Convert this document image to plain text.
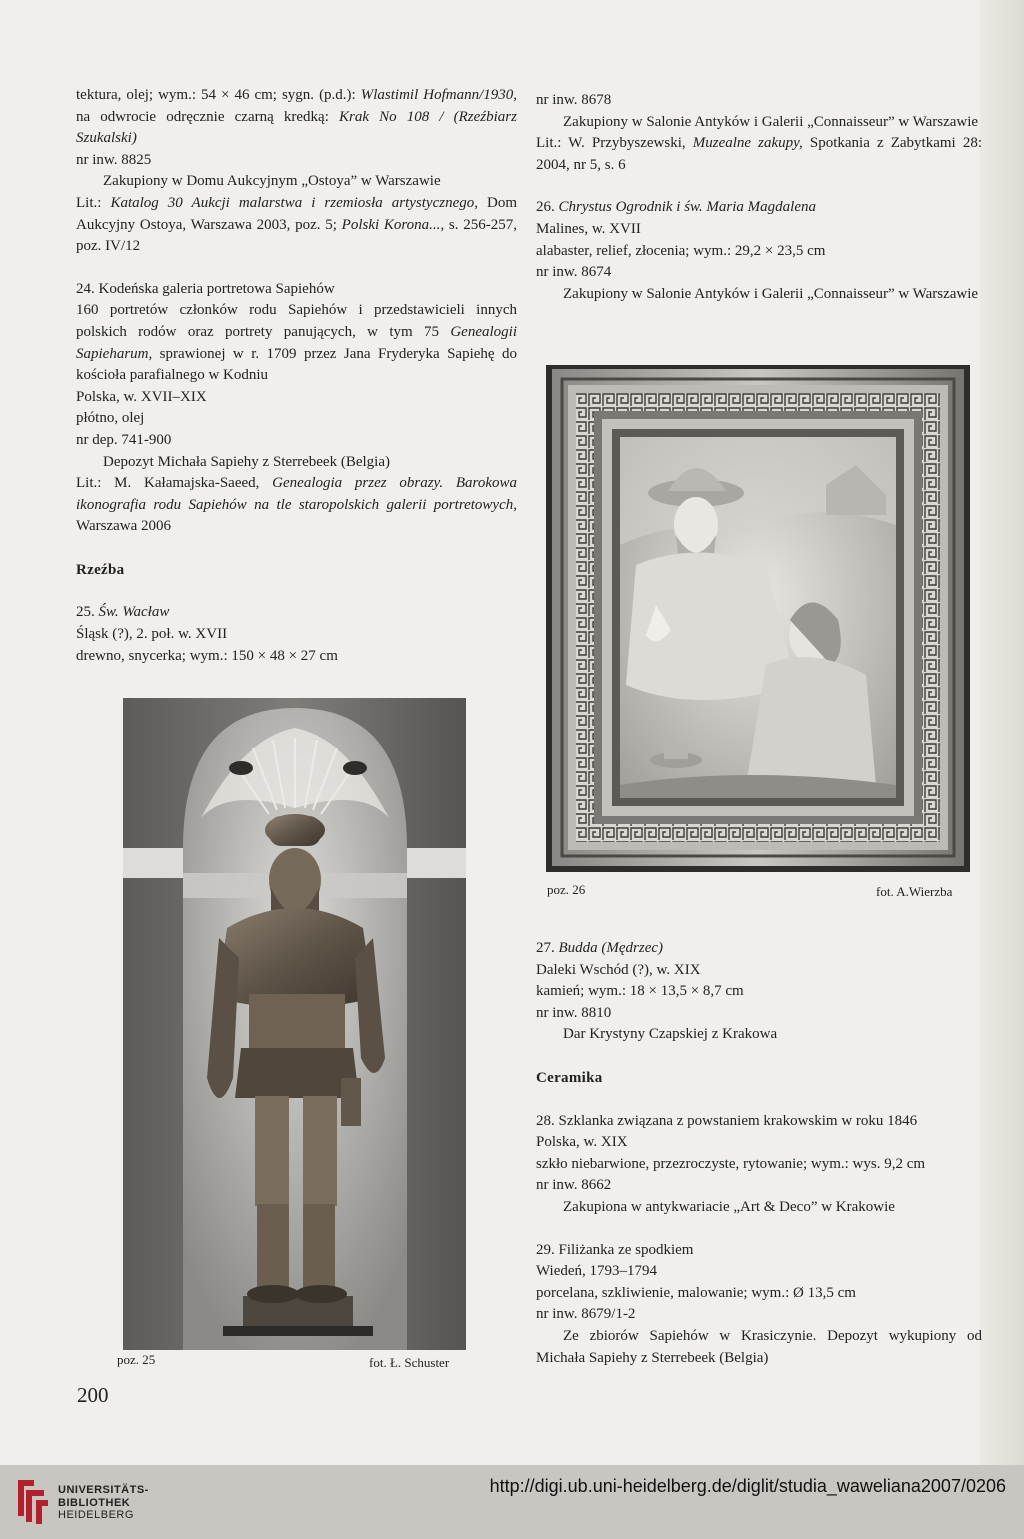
tektura, olej; wym.: 54 × 46 cm; sygn. (p.d.): Wlastimil Hofmann/1930, na odwrocie odręcznie czarną kredką: Krak No 108 / (Rzeźbiarz Szukalski)

nr inw. 8825

Zakupiony w Domu Aukcyjnym „Ostoya” w Warszawie

Lit.: Katalog 30 Aukcji malarstwa i rzemiosła artystycznego, Dom Aukcyjny Ostoya, Warszawa 2003, poz. 5; Polski Korona..., s. 256-257, poz. IV/12

24. Kodeńska galeria portretowa Sapiehów

160 portretów członków rodu Sapiehów i przedstawicieli innych polskich rodów oraz portrety panujących, w tym 75 Genealogii Sapieharum, sprawionej w r. 1709 przez Jana Fryderyka Sapiehę do kościoła parafialnego w Kodniu

Polska, w. XVII–XIX

płótno, olej

nr dep. 741-900

Depozyt Michała Sapiehy z Sterrebeek (Belgia)

Lit.: M. Kałamajska-Saeed, Genealogia przez obrazy. Barokowa ikonografia rodu Sapiehów na tle staropolskich galerii portretowych, Warszawa 2006

Rzeźba

25. Św. Wacław

Śląsk (?), 2. poł. w. XVII

drewno, snycerka; wym.: 150 × 48 × 27 cm

poz. 25	fot. Ł. Schuster

nr inw. 8678

Zakupiony w Salonie Antyków i Galerii „Connaisseur” w Warszawie

Lit.: W. Przybyszewski, Muzealne zakupy, Spotkania z Zabytkami 28: 2004, nr 5, s. 6

26. Chrystus Ogrodnik i św. Maria Magdalena

Malines, w. XVII

alabaster, relief, złocenia; wym.: 29,2 × 23,5 cm

nr inw. 8674

Zakupiony w Salonie Antyków i Galerii „Connaisseur” w Warszawie

poz. 26	fot. A.Wierzba

27. Budda (Mędrzec)

Daleki Wschód (?), w. XIX

kamień; wym.: 18 × 13,5 × 8,7 cm

nr inw. 8810

Dar Krystyny Czapskiej z Krakowa

Ceramika

28. Szklanka związana z powstaniem krakowskim w roku 1846

Polska, w. XIX

szkło niebarwione, przezroczyste, rytowanie; wym.: wys. 9,2 cm

nr inw. 8662

Zakupiona w antykwariacie „Art & Deco” w Krakowie

29. Filiżanka ze spodkiem

Wiedeń, 1793–1794

porcelana, szkliwienie, malowanie; wym.: Ø 13,5 cm

nr inw. 8679/1-2

Ze zbiorów Sapiehów w Krasiczynie. Depozyt wykupiony od Michała Sapiehy z Sterrebeek (Belgia)

200
UNIVERSITÄTS-
BIBLIOTHEK
HEIDELBERG
http://digi.ub.uni-heidelberg.de/diglit/studia_waweliana2007/0206
